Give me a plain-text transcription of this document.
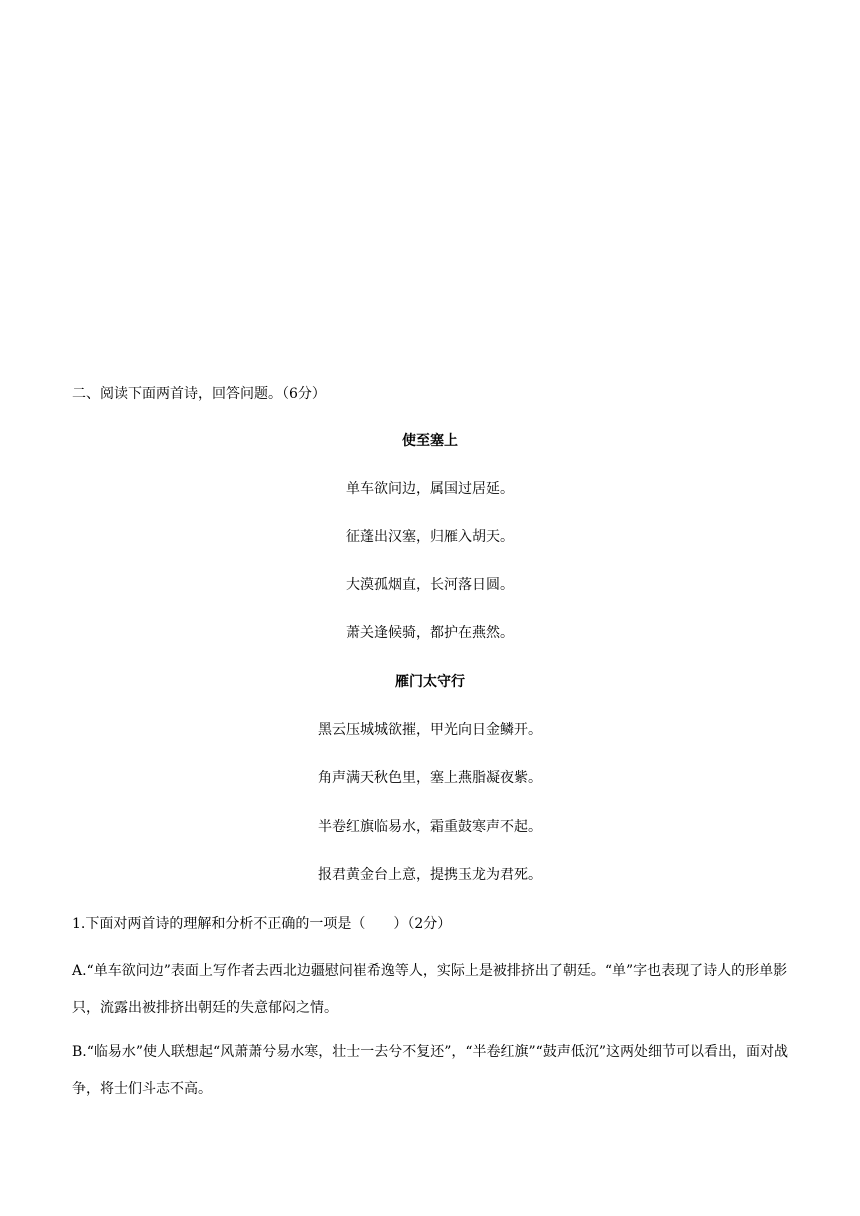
二、阅读下面两首诗，回答问题。（6分）
使至塞上
单车欲问边，属国过居延。
征蓬出汉塞，归雁入胡天。
大漠孤烟直，长河落日圆。
萧关逢候骑，都护在燕然。
雁门太守行
黑云压城城欲摧，甲光向日金鳞开。
角声满天秋色里，塞上燕脂凝夜紫。
半卷红旗临易水，霜重鼓寒声不起。
报君黄金台上意，提携玉龙为君死。
1.下面对两首诗的理解和分析不正确的一项是（　　）（2分）
A.“单车欲问边”表面上写作者去西北边疆慰问崔希逸等人，实际上是被排挤出了朝廷。“单”字也表现了诗人的形单影只，流露出被排挤出朝廷的失意郁闷之情。
B.“临易水”使人联想起“风萧萧兮易水寒，壮士一去兮不复还”，“半卷红旗”“鼓声低沉”这两处细节可以看出，面对战争，将士们斗志不高。
